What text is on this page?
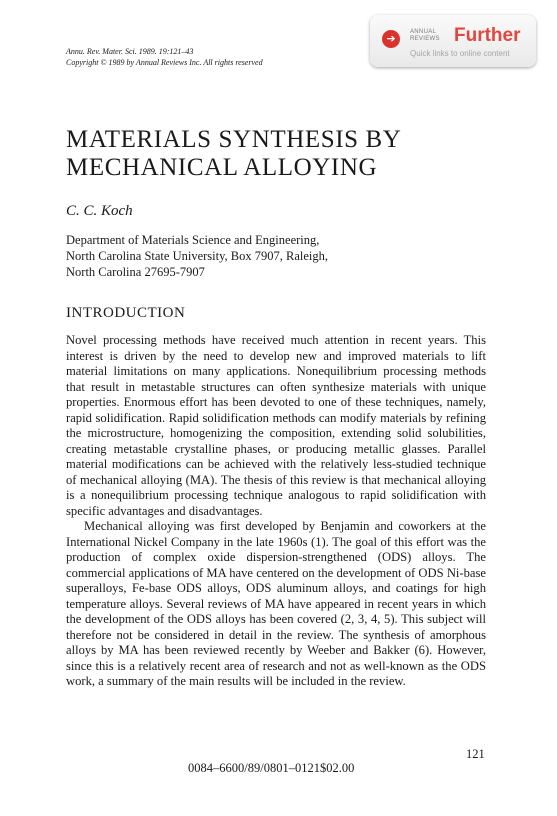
Annu. Rev. Mater. Sci. 1989. 19:121–43
Copyright © 1989 by Annual Reviews Inc. All rights reserved
➔
ANNUAL REVIEWS Further
Quick links to online content
MATERIALS SYNTHESIS BY MECHANICAL ALLOYING
C. C. Koch
Department of Materials Science and Engineering,
North Carolina State University, Box 7907, Raleigh,
North Carolina 27695-7907
INTRODUCTION

Novel processing methods have received much attention in recent years. This interest is driven by the need to develop new and improved materials to lift material limitations on many applications. Nonequilibrium processing methods that result in metastable structures can often synthesize materials with unique properties. Enormous effort has been devoted to one of these techniques, namely, rapid solidification. Rapid solidification methods can modify materials by refining the microstructure, homogenizing the composition, extending solid solubilities, creating metastable crystalline phases, or producing metallic glasses. Parallel material modifications can be achieved with the relatively less-studied technique of mechanical alloying (MA). The thesis of this review is that mechanical alloying is a nonequilibrium processing technique analogous to rapid solidification with specific advantages and disadvantages.

Mechanical alloying was first developed by Benjamin and coworkers at the International Nickel Company in the late 1960s (1). The goal of this effort was the production of complex oxide dispersion-strengthened (ODS) alloys. The commercial applications of MA have centered on the development of ODS Ni-base superalloys, Fe-base ODS alloys, ODS aluminum alloys, and coatings for high temperature alloys. Several reviews of MA have appeared in recent years in which the development of the ODS alloys has been covered (2, 3, 4, 5). This subject will therefore not be considered in detail in the review. The synthesis of amorphous alloys by MA has been reviewed recently by Weeber and Bakker (6). However, since this is a relatively recent area of research and not as well-known as the ODS work, a summary of the main results will be included in the review.

121
0084–6600/89/0801–0121$02.00
